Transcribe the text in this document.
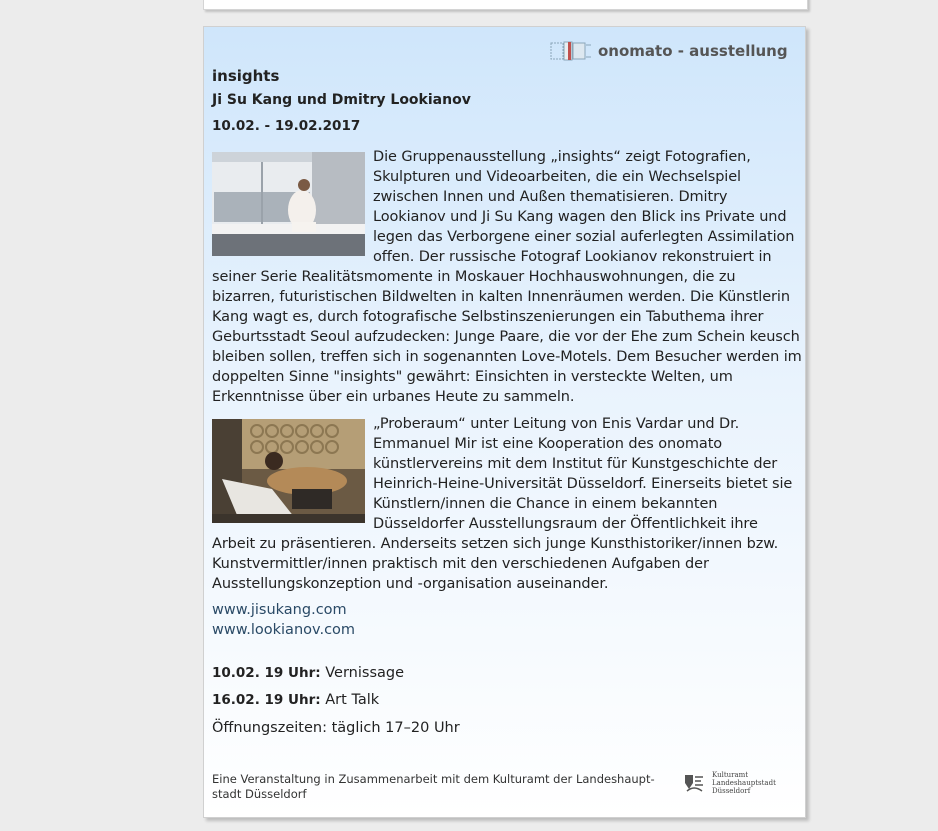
onomato - ausstellung
insights
Ji Su Kang und Dmitry Lookianov
10.02. - 19.02.2017
Die Gruppenausstellung „insights“ zeigt Fotografien, Skulpturen und Videoarbeiten, die ein Wechselspiel zwischen Innen und Außen thematisieren. Dmitry Lookianov und Ji Su Kang wagen den Blick ins Private und legen das Verborgene einer sozial auferlegten Assimilation offen. Der russische Fotograf Lookianov rekonstruiert in seiner Serie Realitätsmomente in Moskauer Hochhauswohnungen, die zu bizarren, futuristischen Bildwelten in kalten Innenräumen werden. Die Künstlerin Kang wagt es, durch fotografische Selbstinszenierungen ein Tabuthema ihrer Geburtsstadt Seoul aufzudecken: Junge Paare, die vor der Ehe zum Schein keusch bleiben sollen, treffen sich in sogenannten Love-Motels. Dem Besucher werden im doppelten Sinne "insights" gewährt: Einsichten in versteckte Welten, um Erkenntnisse über ein urbanes Heute zu sammeln.
„Proberaum“ unter Leitung von Enis Vardar und Dr. Emmanuel Mir ist eine Kooperation des onomato künstlervereins mit dem Institut für Kunstgeschichte der Heinrich-Heine-Universität Düsseldorf. Einerseits bietet sie Künstlern/innen die Chance in einem bekannten Düsseldorfer Ausstellungsraum der Öffentlichkeit ihre Arbeit zu präsentieren. Anderseits setzen sich junge Kunsthistoriker/innen bzw. Kunstvermittler/innen praktisch mit den verschiedenen Aufgaben der Ausstellungskonzeption und -organisation auseinander.
www.jisukang.com
www.lookianov.com
10.02. 19 Uhr: Vernissage
16.02. 19 Uhr: Art Talk
Öffnungszeiten: täglich 17–20 Uhr
Eine Veranstaltung in Zusammenarbeit mit dem Kulturamt der Landeshaupt-stadt Düsseldorf
Kulturamt
Landeshauptstadt Düsseldorf
